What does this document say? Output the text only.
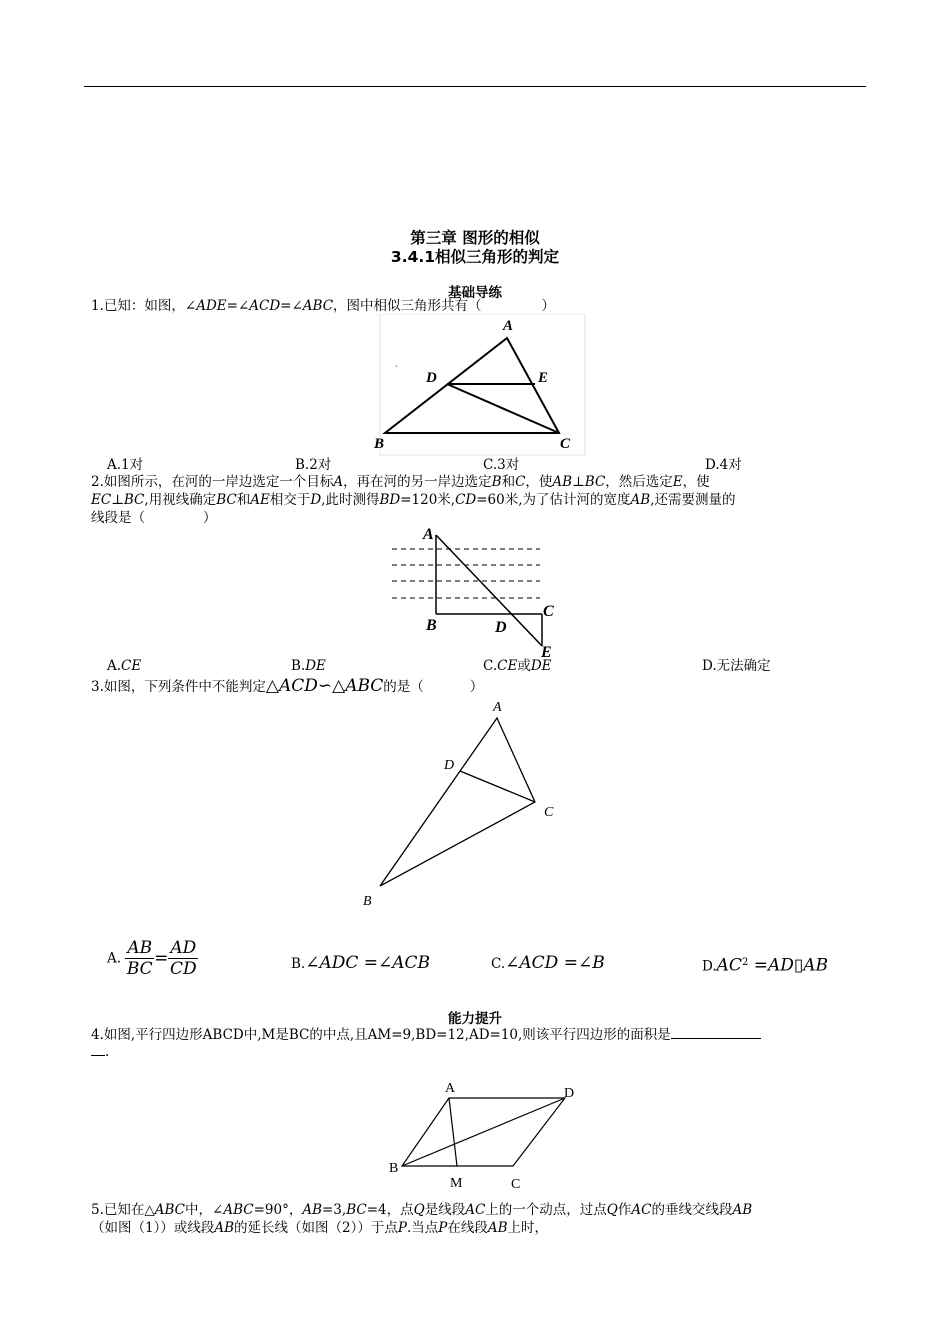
第三章 图形的相似
3.4.1相似三角形的判定
基础导练
1.已知：如图，∠ADE=∠ACD=∠ABC，图中相似三角形共有（	）
`
A
D	E
B	C
A.1对	B.2对	C.3对	D.4对
2.如图所示，在河的一岸边选定一个目标A，再在河的另一岸边选定B和C，使AB⊥BC，然后选定E，使
EC⊥BC,用视线确定BC和AE相交于D,此时测得BD=120米,CD=60米,为了估计河的宽度AB,还需要测量的
线段是（	）
A
B
C
D
E
A.CE	B.DE	C.CE或DE	D.无法确定
3.如图，下列条件中不能判定△ACD∽△ABC的是（	）
A
D
C
B
A. $\frac{AB}{BC} = \frac{AD}{CD}$	B.∠ADC =∠ACB	C.∠ACD =∠B	$D.AC^2$ =AD▯AB
能力提升
4.如图,平行四边形ABCD中,M是BC的中点,且AM=9,BD=12,AD=10,则该平行四边形的面积是
.
A	D
B
M	C
5.已知在△ABC中，∠ABC=90°，AB=3,BC=4，点Q是线段AC上的一个动点，过点Q作AC的垂线交线段AB
（如图（1））或线段AB的延长线（如图（2））于点P.当点P在线段AB上时，
